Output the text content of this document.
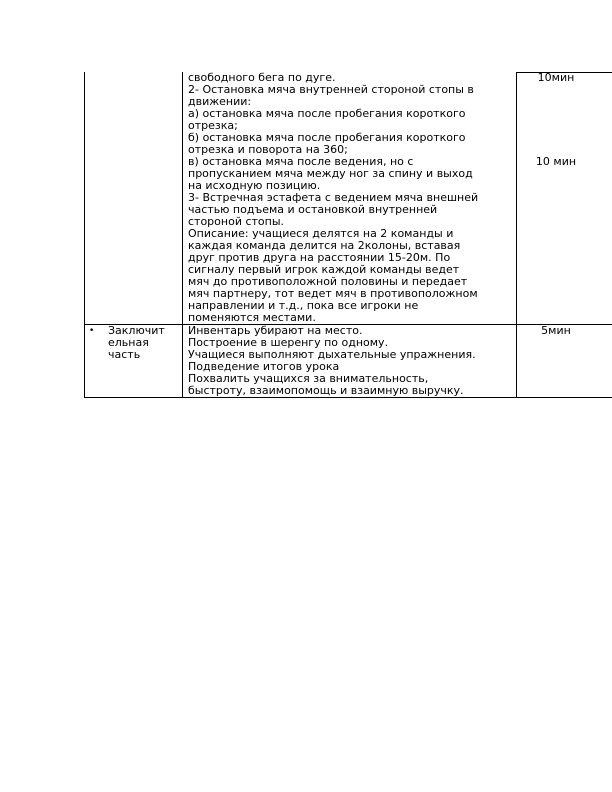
свободного бега по дуге.
2- Остановка мяча внутренней стороной стопы в
движении:
а) остановка мяча после пробегания короткого
отрезка;
б) остановка мяча после пробегания короткого
отрезка и поворота на 360;
в) остановка мяча после ведения, но с
пропусканием мяча между ног за спину и выход
на исходную позицию.
3- Встречная эстафета с ведением мяча внешней
частью подъема и остановкой внутренней
стороной стопы.
Описание: учащиеся делятся на 2 команды и
каждая команда делится на 2колоны, вставая
друг против друга на расстоянии 15-20м. По
сигналу первый игрок каждой команды ведет
мяч до противоположной половины и передает
мяч партнеру, тот ведет мяч в противоположном
направлении и т.д., пока все игроки не
поменяются местами.
10мин
10 мин
• Заключит
ельная
часть
Инвентарь убирают на место.
Построение в шеренгу по одному.
Учащиеся выполняют дыхательные упражнения.
Подведение итогов урока
Похвалить учащихся за внимательность,
быстроту, взаимопомощь и взаимную выручку.
5мин
